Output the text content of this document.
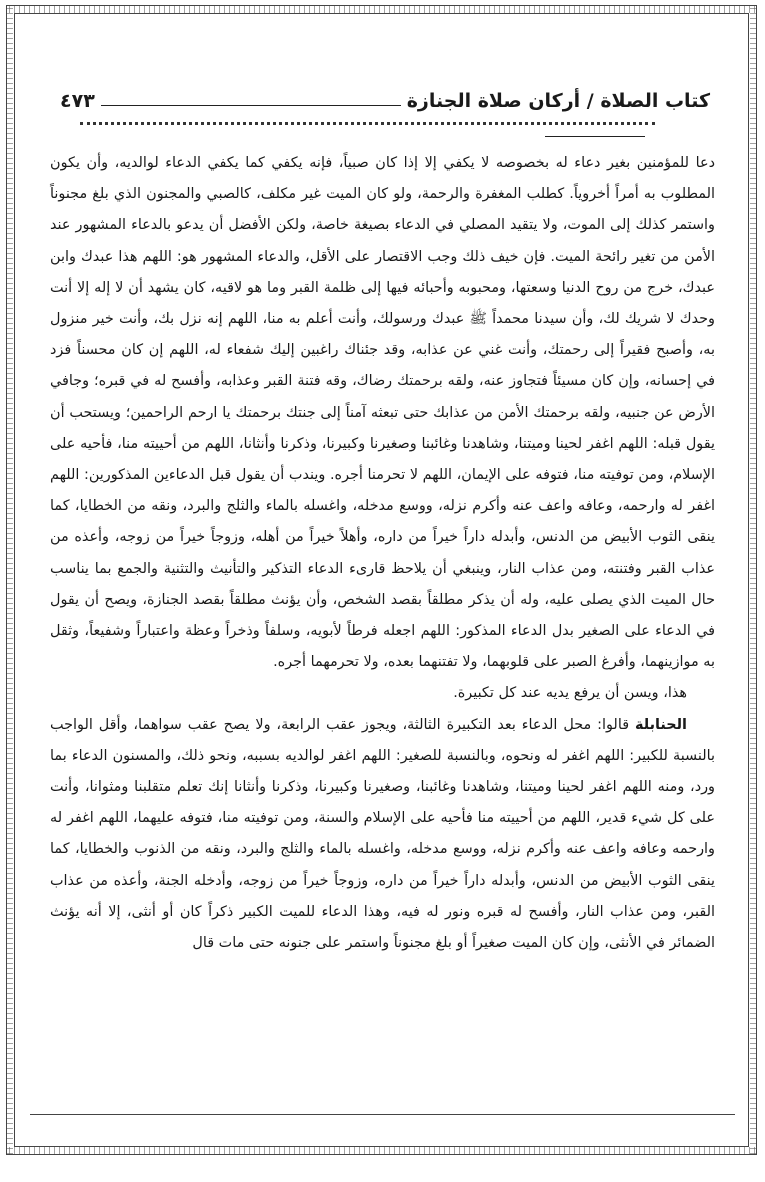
كتاب الصلاة / أركان صلاة الجنازة
٤٧٣

دعا للمؤمنين بغير دعاء له بخصوصه لا يكفي إلا إذا كان صبياً، فإنه يكفي كما يكفي الدعاء لوالديه، وأن يكون المطلوب به أمراً أخروياً. كطلب المغفرة والرحمة، ولو كان الميت غير مكلف، كالصبي والمجنون الذي بلغ مجنوناً واستمر كذلك إلى الموت، ولا يتقيد المصلي في الدعاء بصيغة خاصة، ولكن الأفضل أن يدعو بالدعاء المشهور عند الأمن من تغير رائحة الميت. فإن خيف ذلك وجب الاقتصار على الأقل، والدعاء المشهور هو: اللهم هذا عبدك وابن عبدك، خرج من روح الدنيا وسعتها، ومحبوبه وأحبائه فيها إلى ظلمة القبر وما هو لاقيه، كان يشهد أن لا إله إلا أنت وحدك لا شريك لك، وأن سيدنا محمداً ﷺ عبدك ورسولك، وأنت أعلم به منا، اللهم إنه نزل بك، وأنت خير منزول به، وأصبح فقيراً إلى رحمتك، وأنت غني عن عذابه، وقد جئناك راغبين إليك شفعاء له، اللهم إن كان محسناً فزد في إحسانه، وإن كان مسيئاً فتجاوز عنه، ولقه برحمتك رضاك، وقه فتنة القبر وعذابه، وأفسح له في قبره؛ وجافي الأرض عن جنبيه، ولقه برحمتك الأمن من عذابك حتى تبعثه آمناً إلى جنتك برحمتك يا ارحم الراحمين؛ ويستحب أن يقول قبله: اللهم اغفر لحينا وميتنا، وشاهدنا وغائبنا وصغيرنا وكبيرنا، وذكرنا وأنثانا، اللهم من أحييته منا، فأحيه على الإسلام، ومن توفيته منا، فتوفه على الإيمان، اللهم لا تحرمنا أجره. ويندب أن يقول قبل الدعاءين المذكورين: اللهم اغفر له وارحمه، وعافه واعف عنه وأكرم نزله، ووسع مدخله، واغسله بالماء والثلج والبرد، ونقه من الخطايا، كما ينقى الثوب الأبيض من الدنس، وأبدله داراً خيراً من داره، وأهلاً خيراً من أهله، وزوجاً خيراً من زوجه، وأعذه من عذاب القبر وفتنته، ومن عذاب النار، وينبغي أن يلاحظ قارىء الدعاء التذكير والتأنيث والتثنية والجمع بما يناسب حال الميت الذي يصلى عليه، وله أن يذكر مطلقاً بقصد الشخص، وأن يؤنث مطلقاً بقصد الجنازة، ويصح أن يقول في الدعاء على الصغير بدل الدعاء المذكور: اللهم اجعله فرطاً لأبويه، وسلفاً وذخراً وعظة واعتباراً وشفيعاً، وثقل به موازينهما، وأفرغ الصبر على قلوبهما، ولا تفتنهما بعده، ولا تحرمهما أجره.

هذا، ويسن أن يرفع يديه عند كل تكبيرة.

الحنابلة قالوا: محل الدعاء بعد التكبيرة الثالثة، ويجوز عقب الرابعة، ولا يصح عقب سواهما، وأقل الواجب بالنسبة للكبير: اللهم اغفر له ونحوه، وبالنسبة للصغير: اللهم اغفر لوالديه بسببه، ونحو ذلك، والمسنون الدعاء بما ورد، ومنه اللهم اغفر لحينا وميتنا، وشاهدنا وغائبنا، وصغيرنا وكبيرنا، وذكرنا وأنثانا إنك تعلم متقلبنا ومثوانا، وأنت على كل شيء قدير، اللهم من أحييته منا فأحيه على الإسلام والسنة، ومن توفيته منا، فتوفه عليهما، اللهم اغفر له وارحمه وعافه واعف عنه وأكرم نزله، ووسع مدخله، واغسله بالماء والثلج والبرد، ونقه من الذنوب والخطايا، كما ينقى الثوب الأبيض من الدنس، وأبدله داراً خيراً من داره، وزوجاً خيراً من زوجه، وأدخله الجنة، وأعذه من عذاب القبر، ومن عذاب النار، وأفسح له قبره ونور له فيه، وهذا الدعاء للميت الكبير ذكراً كان أو أنثى، إلا أنه يؤنث الضمائر في الأنثى، وإن كان الميت صغيراً أو بلغ مجنوناً واستمر على جنونه حتى مات قال
